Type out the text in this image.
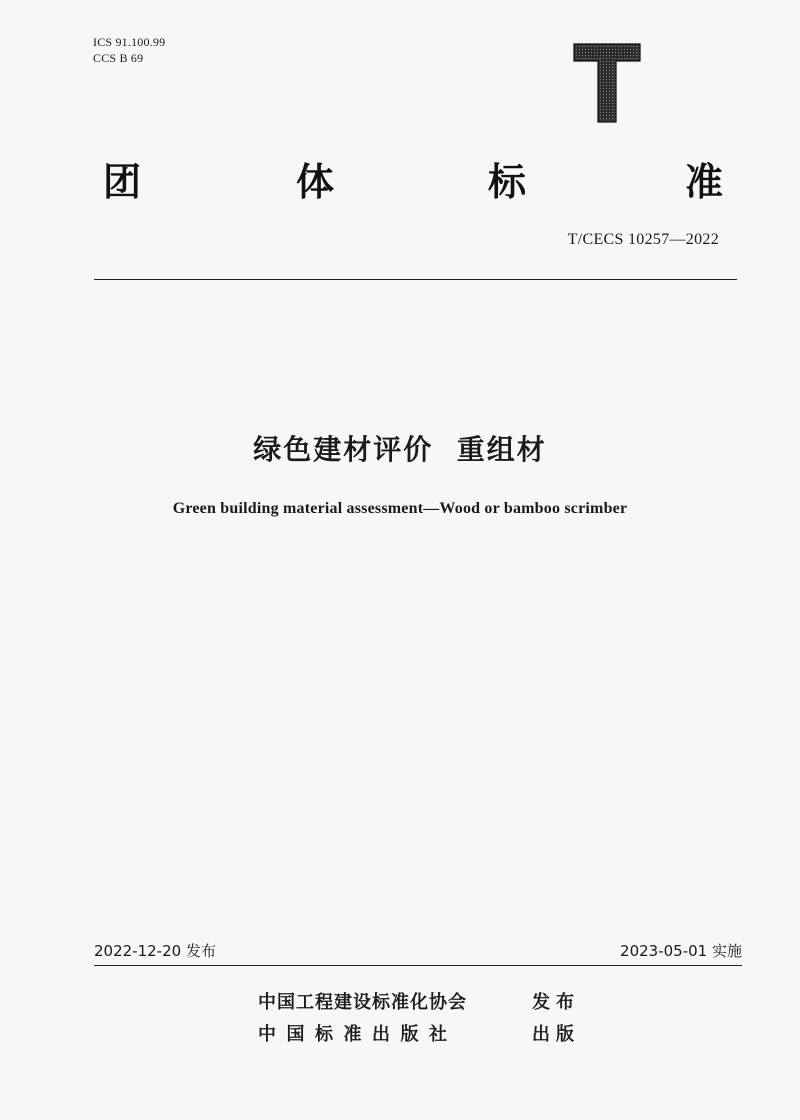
ICS 91.100.99
CCS B 69
团	体	标	准
T/CECS 10257—2022
绿色建材评价  重组材
Green building material assessment—Wood or bamboo scrimber
2022-12-20 发布	2023-05-01 实施
中国工程建设标准化协会	发布
中国标准出版社	出版
